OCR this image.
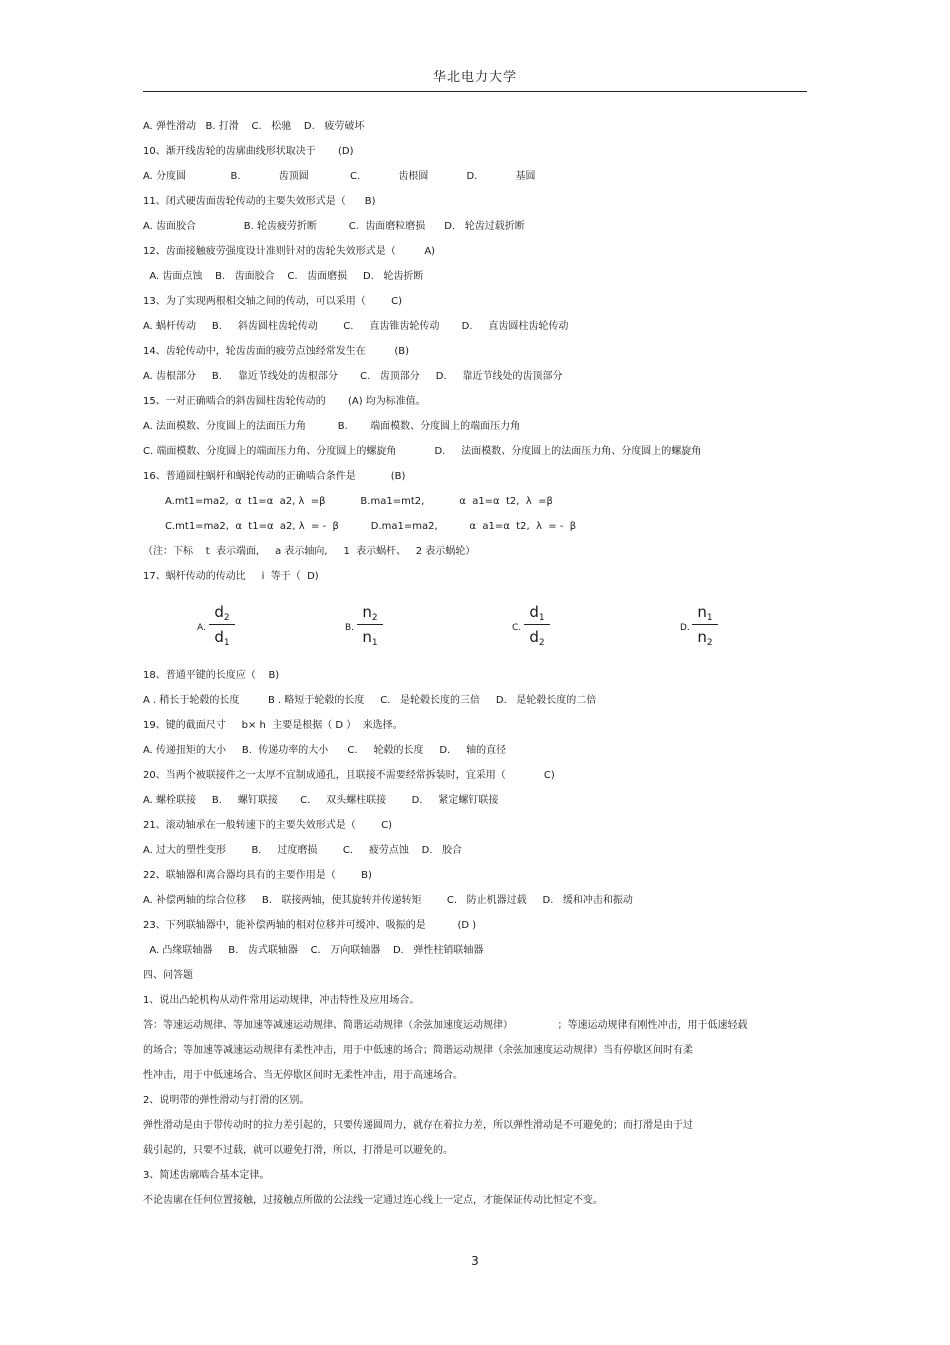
华北电力大学
A. 弹性滑动   B. 打滑    C.   松驰    D.   疲劳破坏
10、渐开线齿轮的齿廓曲线形状取决于       (D)
A. 分度圆              B.            齿顶圆             C.            齿根圆            D.            基圆
11、闭式硬齿面齿轮传动的主要失效形式是（      B)
A. 齿面胶合               B. 轮齿疲劳折断          C.  齿面磨粒磨损      D.   轮齿过载折断
12、齿面接触疲劳强度设计准则针对的齿轮失效形式是（         A)
A. 齿面点蚀    B.   齿面胶合    C.   齿面磨损     D.   轮齿折断
13、为了实现两根相交轴之间的传动，可以采用（        C)
A. 蜗杆传动     B.     斜齿圆柱齿轮传动        C.     直齿锥齿轮传动       D.     直齿圆柱齿轮传动
14、齿轮传动中，轮齿齿面的疲劳点蚀经常发生在         (B)
A. 齿根部分     B.     靠近节线处的齿根部分       C.   齿顶部分     D.     靠近节线处的齿顶部分
15、一对正确啮合的斜齿圆柱齿轮传动的       (A) 均为标准值。
A. 法面模数、分度圆上的法面压力角          B.       端面模数、分度圆上的端面压力角
C. 端面模数、分度圆上的端面压力角、分度圆上的螺旋角            D.     法面模数、分度圆上的法面压力角、分度圆上的螺旋角
16、普通圆柱蜗杆和蜗轮传动的正确啮合条件是           (B)
A.mt1=ma2,  α  t1=α  a2, λ  =β           B.ma1=mt2,           α  a1=α  t2,  λ  =β
C.mt1=ma2,  α  t1=α  a2, λ  = -  β          D.ma1=ma2,          α  a1=α  t2,  λ  = -  β
（注：下标    t  表示端面,     a 表示轴向,     1  表示蜗杆、   2 表示蜗轮）
17、蜗杆传动的传动比     i  等于（  D)
A.
$d_2$
$d_1$
B.
$n_2$
$n_1$
C.
$d_1$
$d_2$
D.
$n_1$
$n_2$
18、普通平键的长度应（    B)
A . 稍长于轮毂的长度         B . 略短于轮毂的长度     C.   是轮毂长度的三倍     D.   是轮毂长度的二倍
19、键的截面尺寸     b× h  主要是根据（ D ）  来选择。
A. 传递扭矩的大小     B.  传递功率的大小      C.     轮毂的长度     D.     轴的直径
20、当两个被联接件之一太厚不宜制成通孔，且联接不需要经常拆装时，宜采用（            C)
A. 螺栓联接     B.     螺钉联接       C.     双头螺柱联接        D.     紧定螺钉联接
21、滚动轴承在一般转速下的主要失效形式是（        C)
A. 过大的塑性变形        B.     过度磨损        C.     疲劳点蚀    D.   胶合
22、联轴器和离合器均具有的主要作用是（        B)
A. 补偿两轴的综合位移     B.   联接两轴，使其旋转并传递转矩        C.   防止机器过载     D.   缓和冲击和振动
23、下列联轴器中，能补偿两轴的相对位移并可缓冲、吸振的是          (D )
A. 凸缘联轴器     B.   齿式联轴器    C.   万向联轴器    D.   弹性柱销联轴器
四、问答题
1、说出凸轮机构从动件常用运动规律，冲击特性及应用场合。
答：等速运动规律、等加速等减速运动规律、简谐运动规律（余弦加速度运动规律）              ；等速运动规律有刚性冲击，用于低速轻载
的场合；等加速等减速运动规律有柔性冲击，用于中低速的场合；简谐运动规律（余弦加速度运动规律）当有停歇区间时有柔
性冲击，用于中低速场合、当无停歇区间时无柔性冲击，用于高速场合。
2、说明带的弹性滑动与打滑的区别。
弹性滑动是由于带传动时的拉力差引起的，只要传递圆周力，就存在着拉力差，所以弹性滑动是不可避免的；而打滑是由于过
载引起的，只要不过载，就可以避免打滑，所以，打滑是可以避免的。
3、简述齿廓啮合基本定律。
不论齿廓在任何位置接触，过接触点所做的公法线一定通过连心线上一定点，才能保证传动比恒定不变。
3
